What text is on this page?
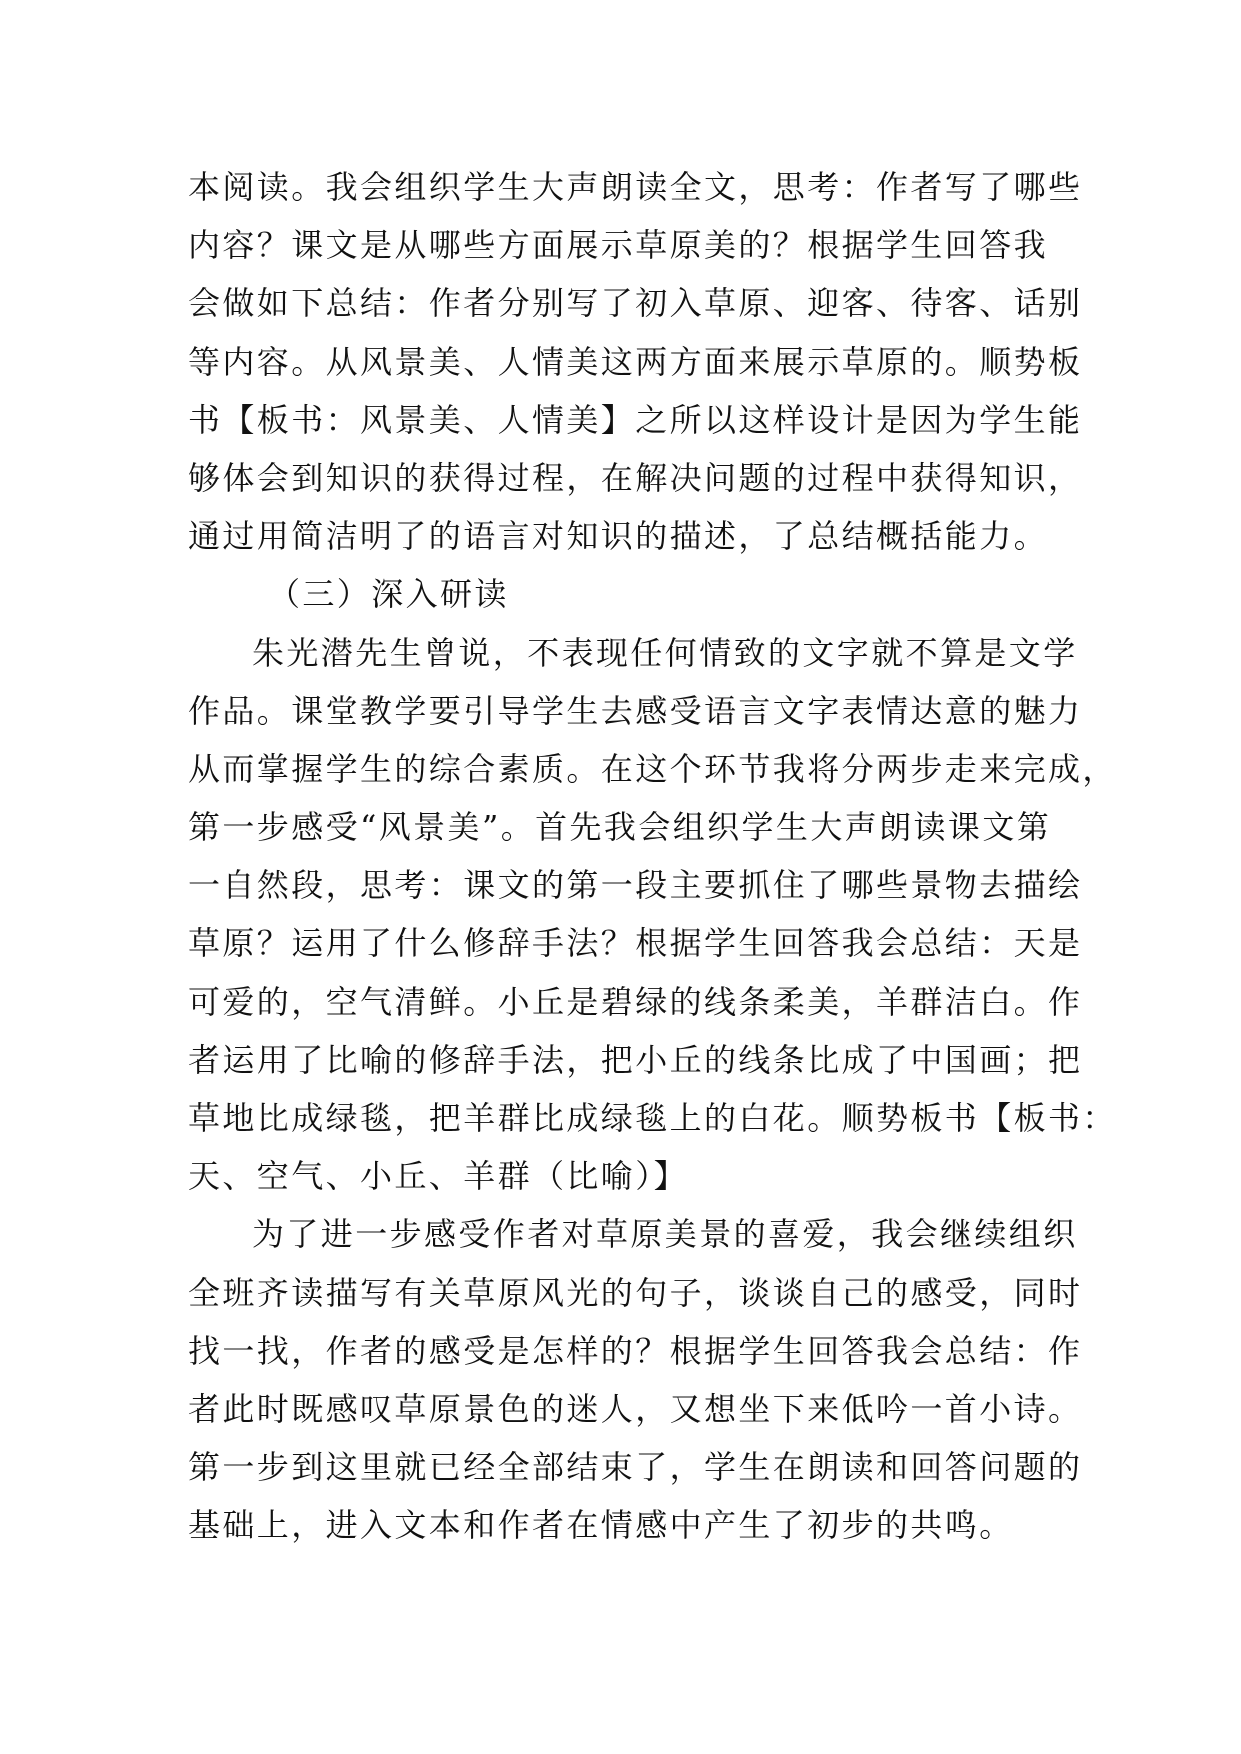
本阅读。我会组织学生大声朗读全文，思考：作者写了哪些
内容？课文是从哪些方面展示草原美的？根据学生回答我
会做如下总结：作者分别写了初入草原、迎客、待客、话别
等内容。从风景美、人情美这两方面来展示草原的。顺势板
书【板书：风景美、人情美】之所以这样设计是因为学生能
够体会到知识的获得过程，在解决问题的过程中获得知识，
通过用简洁明了的语言对知识的描述，了总结概括能力。
（三）深入研读
朱光潜先生曾说，不表现任何情致的文字就不算是文学
作品。课堂教学要引导学生去感受语言文字表情达意的魅力
从而掌握学生的综合素质。在这个环节我将分两步走来完成，
第一步感受“风景美”。首先我会组织学生大声朗读课文第
一自然段，思考：课文的第一段主要抓住了哪些景物去描绘
草原？运用了什么修辞手法？根据学生回答我会总结：天是
可爱的，空气清鲜。小丘是碧绿的线条柔美，羊群洁白。作
者运用了比喻的修辞手法，把小丘的线条比成了中国画；把
草地比成绿毯，把羊群比成绿毯上的白花。顺势板书【板书：
天、空气、小丘、羊群（比喻）】
为了进一步感受作者对草原美景的喜爱，我会继续组织
全班齐读描写有关草原风光的句子，谈谈自己的感受，同时
找一找，作者的感受是怎样的？根据学生回答我会总结：作
者此时既感叹草原景色的迷人，又想坐下来低吟一首小诗。
第一步到这里就已经全部结束了，学生在朗读和回答问题的
基础上，进入文本和作者在情感中产生了初步的共鸣。
